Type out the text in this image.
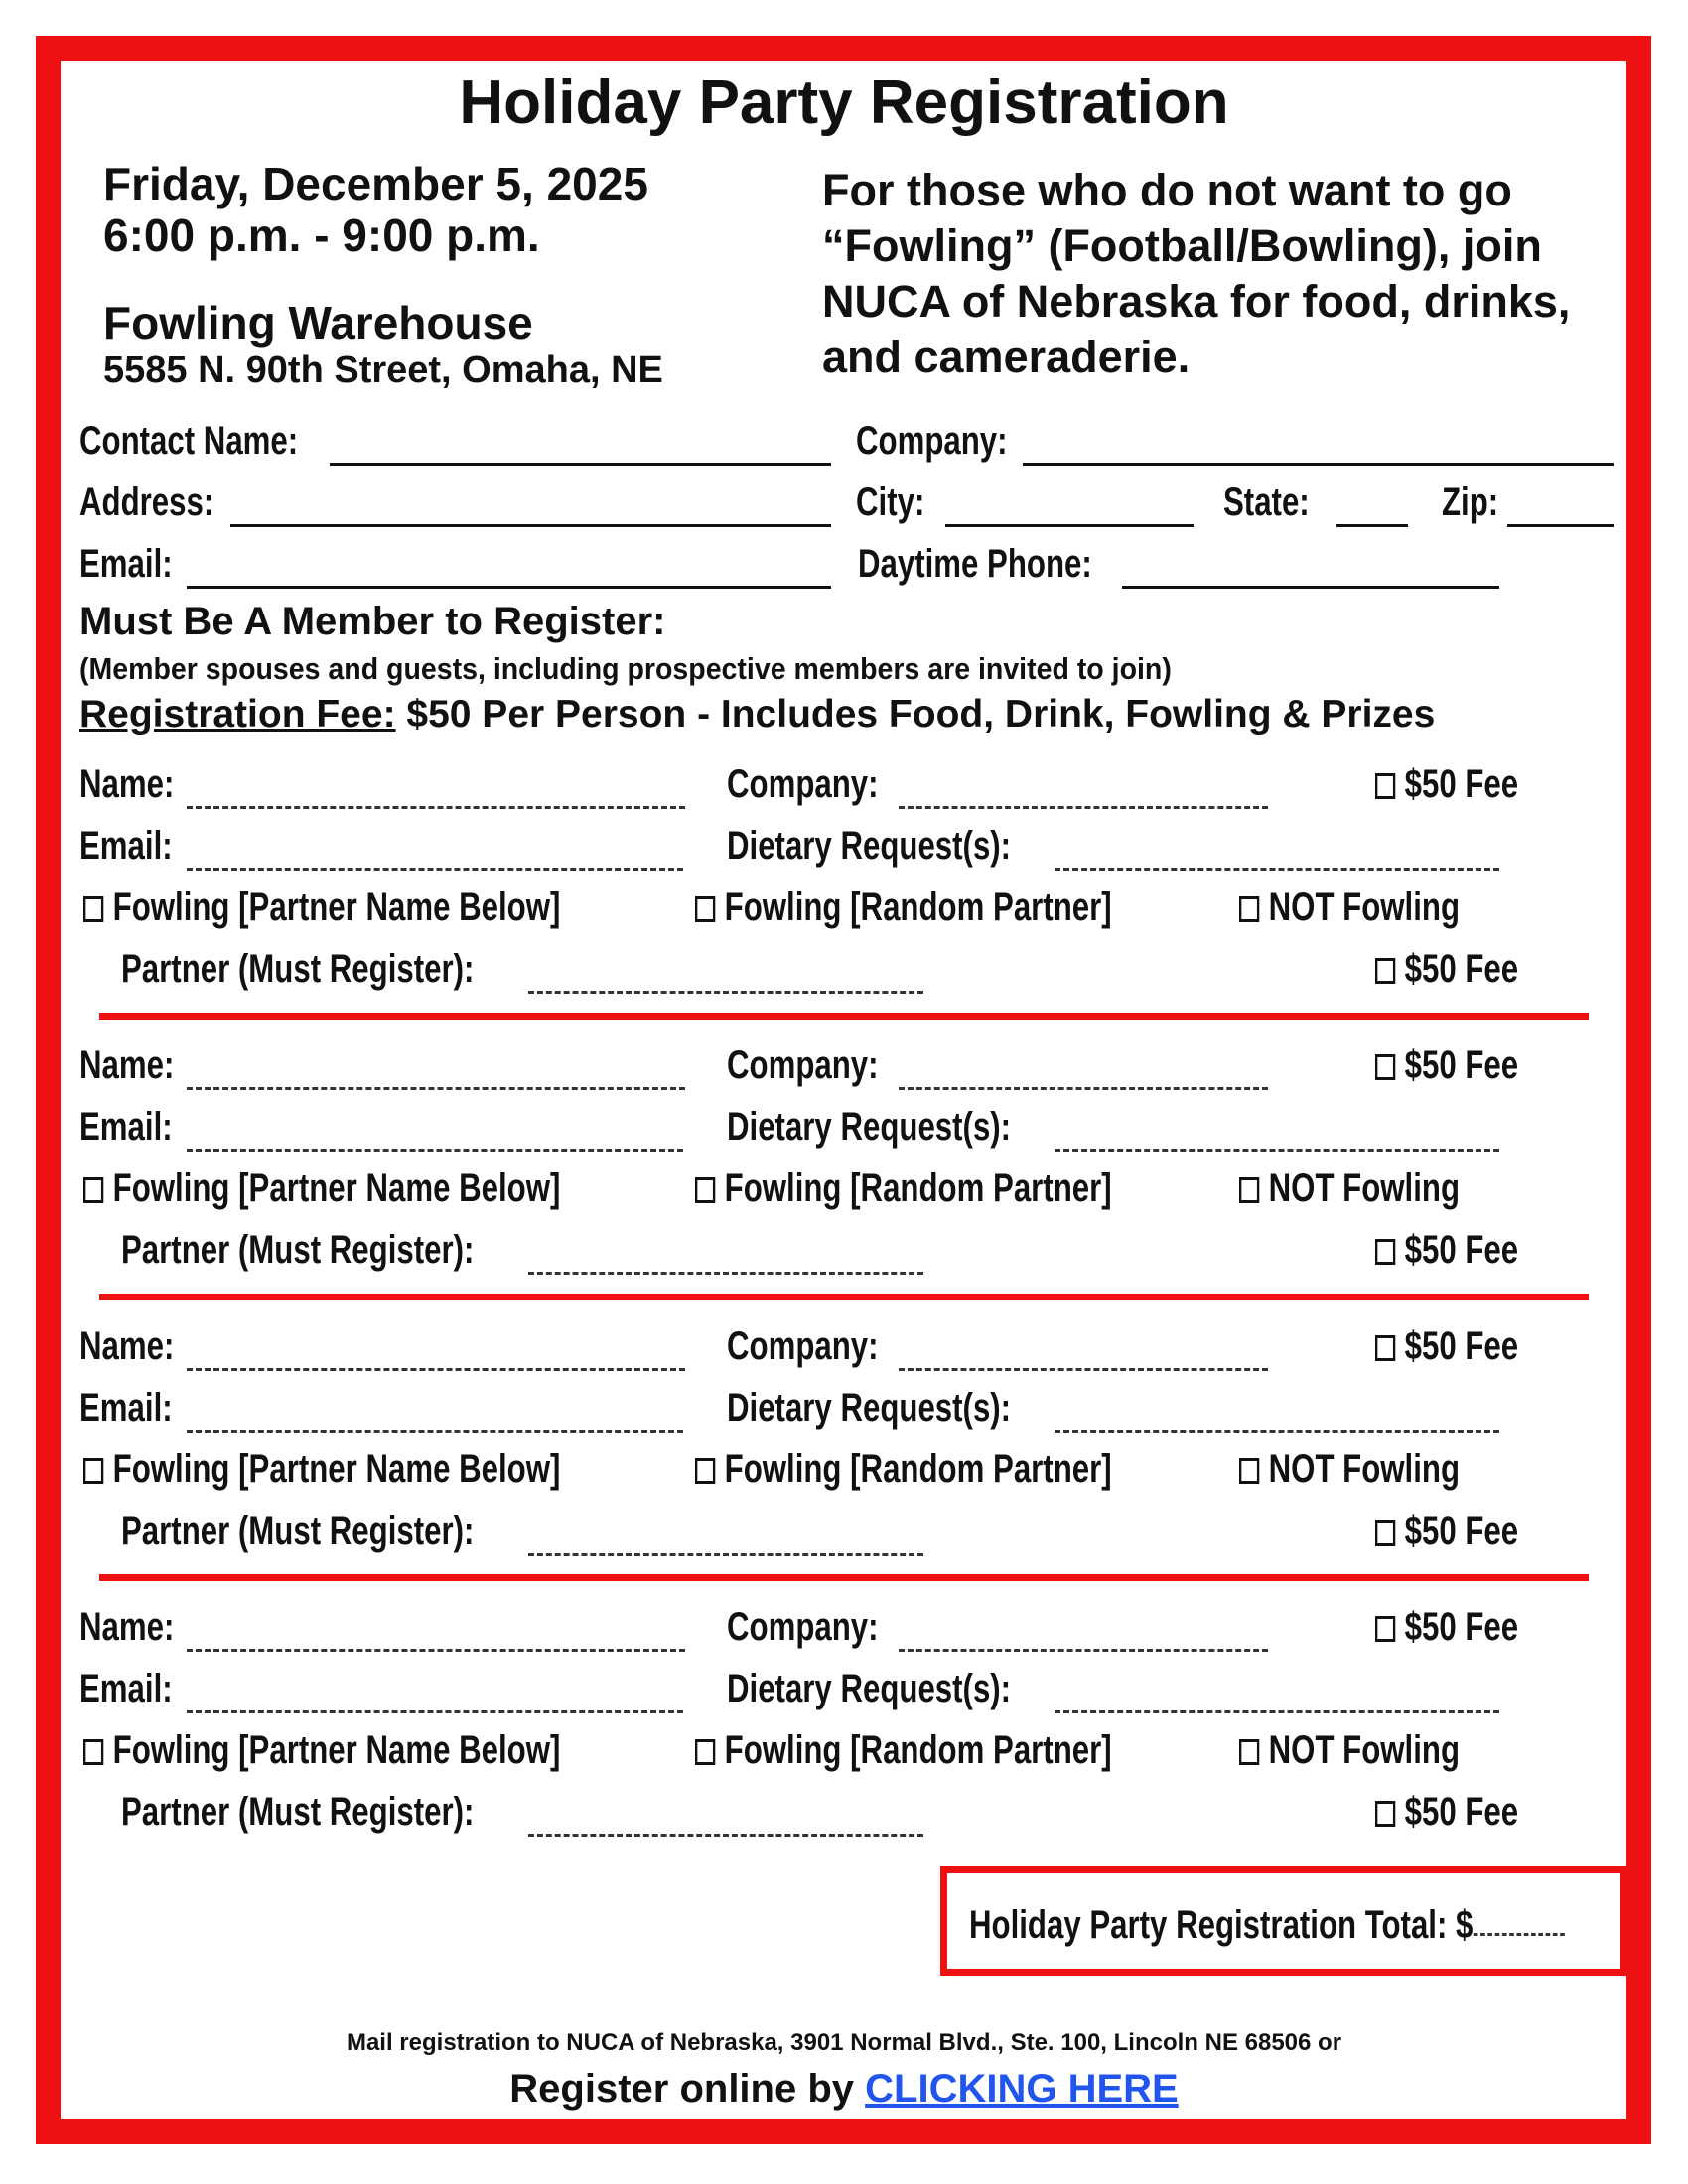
Holiday Party Registration
Friday, December 5, 2025
6:00 p.m. - 9:00 p.m.
Fowling Warehouse
5585 N. 90th Street, Omaha, NE
For those who do not want to go “Fowling” (Football/Bowling), join NUCA of Nebraska for food, drinks, and cameraderie.
Contact Name:	Company:
Address:	City:	State:	Zip:
Email:	Daytime Phone:
Must Be A Member to Register:
(Member spouses and guests, including prospective members are invited to join)
Registration Fee: $50 Per Person - Includes Food, Drink, Fowling & Prizes
Name:	Company:	$50 Fee
Email:	Dietary Request(s):
Fowling [Partner Name Below]	Fowling [Random Partner]	NOT Fowling
Partner (Must Register):	$50 Fee
Name:	Company:	$50 Fee
Email:	Dietary Request(s):
Fowling [Partner Name Below]	Fowling [Random Partner]	NOT Fowling
Partner (Must Register):	$50 Fee
Name:	Company:	$50 Fee
Email:	Dietary Request(s):
Fowling [Partner Name Below]	Fowling [Random Partner]	NOT Fowling
Partner (Must Register):	$50 Fee
Name:	Company:	$50 Fee
Email:	Dietary Request(s):
Fowling [Partner Name Below]	Fowling [Random Partner]	NOT Fowling
Partner (Must Register):	$50 Fee
Holiday Party Registration Total: $
Mail registration to NUCA of Nebraska, 3901 Normal Blvd., Ste. 100, Lincoln NE 68506 or
Register online by CLICKING HERE
